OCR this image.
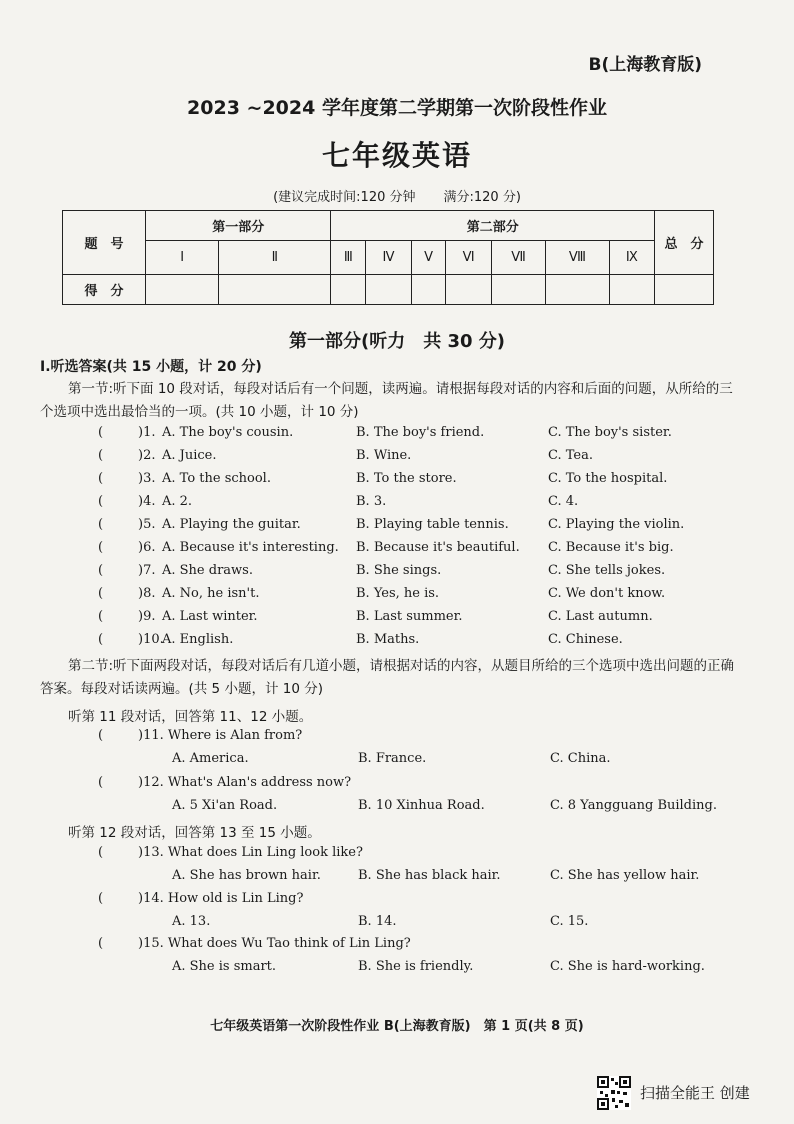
B(上海教育版)
2023 ~2024 学年度第二学期第一次阶段性作业
七年级英语
(建议完成时间:120 分钟 满分:120 分)
题　号	第一部分		第二部分							总　分
	Ⅰ	Ⅱ	Ⅲ	Ⅳ	Ⅴ	Ⅵ	Ⅶ	Ⅷ	Ⅸ	
得　分										
第一部分(听力　共 30 分)
Ⅰ.听选答案(共 15 小题，计 20 分)
第一节:听下面 10 段对话，每段对话后有一个问题，读两遍。请根据每段对话的内容和后面的问题，从所给的三个选项中选出最恰当的一项。(共 10 小题，计 10 分)
(	)1. A. The boy's cousin.	B. The boy's friend.	C. The boy's sister.
(	)2. A. Juice.	B. Wine.	C. Tea.
(	)3. A. To the school.	B. To the store.	C. To the hospital.
(	)4. A. 2.	B. 3.	C. 4.
(	)5. A. Playing the guitar.	B. Playing table tennis.	C. Playing the violin.
(	)6. A. Because it's interesting. B. Because it's beautiful. C. Because it's big.
(	)7. A. She draws.	B. She sings.	C. She tells jokes.
(	)8. A. No, he isn't.	B. Yes, he is.	C. We don't know.
(	)9. A. Last winter.	B. Last summer.	C. Last autumn.
(	)10.
A. English.	B. Maths.	C. Chinese.
第二节:听下面两段对话，每段对话后有几道小题，请根据对话的内容，从题目所给的三个选项中选出问题的正确答案。每段对话读两遍。(共 5 小题，计 10 分)
听第 11 段对话，回答第 11、12 小题。
(	)11. Where is Alan from?
A. America.	B. France.	C. China.
(	)12. What's Alan's address now?
A. 5 Xi'an Road.	B. 10 Xinhua Road.	C. 8 Yangguang Building.
听第 12 段对话，回答第 13 至 15 小题。
(	)13. What does Lin Ling look like?
A. She has brown hair.	B. She has black hair.	C. She has yellow hair.
(	)14. How old is Lin Ling?
A. 13.	B. 14.	C. 15.
(	)15. What does Wu Tao think of Lin Ling?
A. She is smart.	B. She is friendly.	C. She is hard-working.
七年级英语第一次阶段性作业 B(上海教育版)　第 1 页(共 8 页)
扫描全能王 创建
